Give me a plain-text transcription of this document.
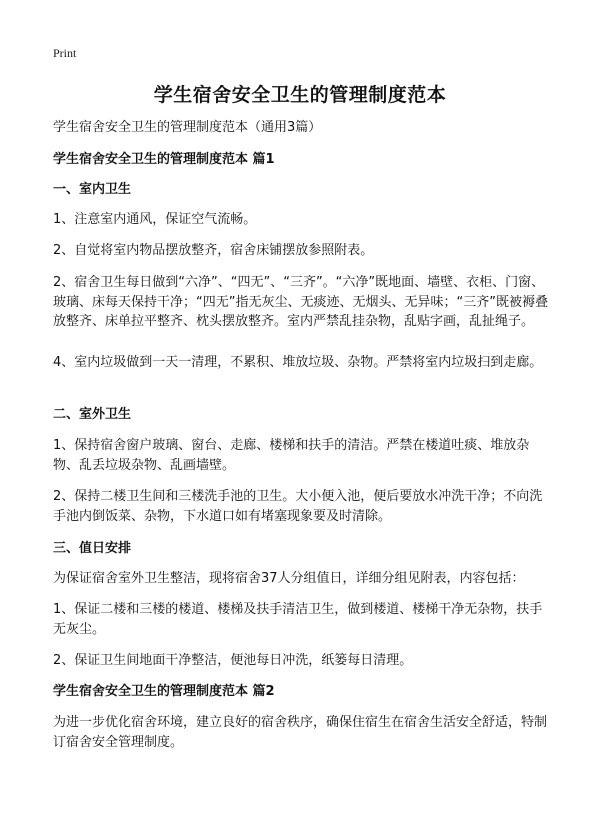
Print
学生宿舍安全卫生的管理制度范本

学生宿舍安全卫生的管理制度范本（通用3篇）

学生宿舍安全卫生的管理制度范本 篇1

一、室内卫生

1、注意室内通风，保证空气流畅。

2、自觉将室内物品摆放整齐，宿舍床铺摆放参照附表。

2、宿舍卫生每日做到“六净”、“四无”、“三齐”。“六净”既地面、墙壁、衣柜、门窗、玻璃、床每天保持干净；“四无”指无灰尘、无痰迹、无烟头、无异味；“三齐”既被褥叠放整齐、床单拉平整齐、枕头摆放整齐。室内严禁乱挂杂物，乱贴字画，乱扯绳子。

4、室内垃圾做到一天一清理，不累积、堆放垃圾、杂物。严禁将室内垃圾扫到走廊。

二、室外卫生

1、保持宿舍窗户玻璃、窗台、走廊、楼梯和扶手的清洁。严禁在楼道吐痰、堆放杂物、乱丢垃圾杂物、乱画墙壁。

2、保持二楼卫生间和三楼洗手池的卫生。大小便入池，便后要放水冲洗干净；不向洗手池内倒饭菜、杂物，下水道口如有堵塞现象要及时清除。

三、值日安排

为保证宿舍室外卫生整洁，现将宿舍37人分组值日，详细分组见附表，内容包括：

1、保证二楼和三楼的楼道、楼梯及扶手清洁卫生，做到楼道、楼梯干净无杂物，扶手无灰尘。

2、保证卫生间地面干净整洁，便池每日冲洗，纸篓每日清理。

学生宿舍安全卫生的管理制度范本 篇2

为进一步优化宿舍环境，建立良好的宿舍秩序，确保住宿生在宿舍生活安全舒适，特制订宿舍安全管理制度。
